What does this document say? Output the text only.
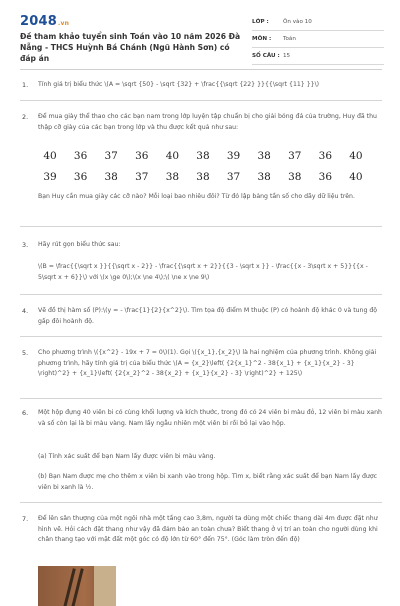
2048.vn
Đề tham khảo tuyển sinh Toán vào 10 năm 2026 Đà Nẵng - THCS Huỳnh Bá Chánh (Ngũ Hành Sơn) có đáp án
LỚP :	Ôn vào 10
MÔN :	Toán
SỐ CÂU : 15
1. Tính giá trị biểu thức \(A = \sqrt {50} - \sqrt {32} + \frac{{\sqrt {22} }}{{\sqrt {11} }}\)
2. Để mua giày thể thao cho các bạn nam trong lớp luyện tập chuẩn bị cho giải bóng đá của trường, Huy đã thu thập cỡ giày của các bạn trong lớp và thu được kết quả như sau:
40	36	37	36	40	38	39	38	37	36	40
39	36	38	37	38	38	37	38	38	36	40
Bạn Huy cần mua giày các cỡ nào? Mỗi loại bao nhiêu đôi? Từ đó lập bảng tần số cho dãy dữ liệu trên.
3. Hãy rút gọn biểu thức sau:
\(B = \frac{{\sqrt x }}{{\sqrt x - 2}} - \frac{{\sqrt x + 2}}{{3 - \sqrt x }} - \frac{{x - 3\sqrt x + 5}}{{x - 5\sqrt x + 6}}\) với \(x \ge 0\);\(x \ne 4\);\( \ne x \ne 9\)
4. Vẽ đồ thị hàm số (P):\(y = - \frac{1}{2}{x^2}\). Tìm tọa độ điểm M thuộc (P) có hoành độ khác 0 và tung độ gấp đôi hoành độ.
5. Cho phương trình \({x^2} - 19x + 7 = 0\)(1). Gọi \({x_1},{x_2}\) là hai nghiệm của phương trình. Không giải phương trình, hãy tính giá trị của biểu thức \(A = {x_2}\left( {2{x_1}^2 - 38{x_1} + {x_1}{x_2} - 3} \right)^2} + {x_1}\left( {2{x_2}^2 - 38{x_2} + {x_1}{x_2} - 3} \right)^2} + 125\)
6. Một hộp đựng 40 viên bi có cùng khối lượng và kích thước, trong đó có 24 viên bi màu đỏ, 12 viên bi màu xanh và số còn lại là bi màu vàng. Nam lấy ngẫu nhiên một viên bi rồi bỏ lại vào hộp.
(a) Tính xác suất để bạn Nam lấy được viên bi màu vàng.
(b) Bạn Nam được mẹ cho thêm x viên bi xanh vào trong hộp. Tìm x, biết rằng xác suất để bạn Nam lấy được viên bi xanh là ½.
7. Để lên sân thượng của một ngôi nhà một tầng cao 3,8m, người ta dùng một chiếc thang dài 4m được đặt như hình vẽ. Hỏi cách đặt thang như vậy đã đảm bảo an toàn chưa? Biết thang ở vị trí an toàn cho người dùng khi chân thang tạo với mặt đất một góc có độ lớn từ 60° đến 75°. (Góc làm tròn đến độ)
